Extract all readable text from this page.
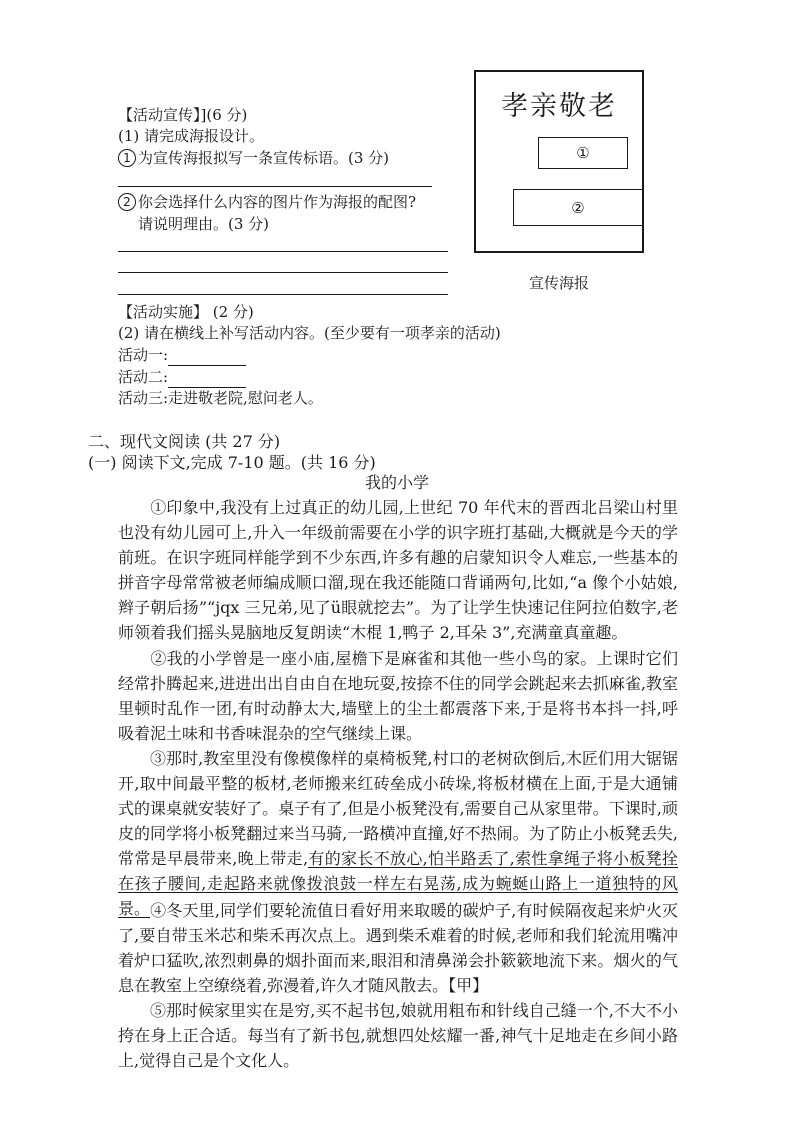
【活动宣传】](6 分)
(1) 请完成海报设计。
1 为宣传海报拟写一条宣传标语。(3 分)
2 你会选择什么内容的图片作为海报的配图?
请说明理由。(3 分)
孝亲敬老
①
②
宣传海报
【活动实施】 (2 分)
(2) 请在横线上补写活动内容。(至少要有一项孝亲的活动)
活动一:
活动二:
活动三:走进敬老院,慰问老人。
二、现代文阅读 (共 27 分)
(一) 阅读下文,完成 7-10 题。(共 16 分)
我的小学
①印象中,我没有上过真正的幼儿园,上世纪 70 年代末的晋西北吕梁山村里也没有幼儿园可上,升入一年级前需要在小学的识字班打基础,大概就是今天的学前班。在识字班同样能学到不少东西,许多有趣的启蒙知识令人难忘,一些基本的拼音字母常常被老师编成顺口溜,现在我还能随口背诵两句,比如,“a 像个小姑娘,辫子朝后扬”“jqx 三兄弟,见了ü眼就挖去”。为了让学生快速记住阿拉伯数字,老师领着我们摇头晃脑地反复朗读“木棍 1,鸭子 2,耳朵 3”,充满童真童趣。
②我的小学曾是一座小庙,屋檐下是麻雀和其他一些小鸟的家。上课时它们经常扑腾起来,进进出出自由自在地玩耍,按捺不住的同学会跳起来去抓麻雀,教室里顿时乱作一团,有时动静太大,墙壁上的尘土都震落下来,于是将书本抖一抖,呼吸着泥土味和书香味混杂的空气继续上课。
③那时,教室里没有像模像样的桌椅板凳,村口的老树砍倒后,木匠们用大锯锯开,取中间最平整的板材,老师搬来红砖垒成小砖垛,将板材横在上面,于是大通铺式的课桌就安装好了。桌子有了,但是小板凳没有,需要自己从家里带。下课时,顽皮的同学将小板凳翻过来当马骑,一路横冲直撞,好不热闹。为了防止小板凳丢失,常常是早晨带来,晚上带走,有的家长不放心,怕半路丢了,索性拿绳子将小板凳拴在孩子腰间,走起路来就像拨浪鼓一样左右晃荡,成为蜿蜒山路上一道独特的风景。 ④冬天里,同学们要轮流值日看好用来取暖的碳炉子,有时候隔夜起来炉火灭了,要自带玉米芯和柴禾再次点上。遇到柴禾难着的时候,老师和我们轮流用嘴冲着炉口猛吹,浓烈刺鼻的烟扑面而来,眼泪和清鼻涕会扑簌簌地流下来。烟火的气息在教室上空缭绕着,弥漫着,许久才随风散去。【甲】
⑤那时候家里实在是穷,买不起书包,娘就用粗布和针线自己缝一个,不大不小挎在身上正合适。每当有了新书包,就想四处炫耀一番,神气十足地走在乡间小路上,觉得自己是个文化人。
